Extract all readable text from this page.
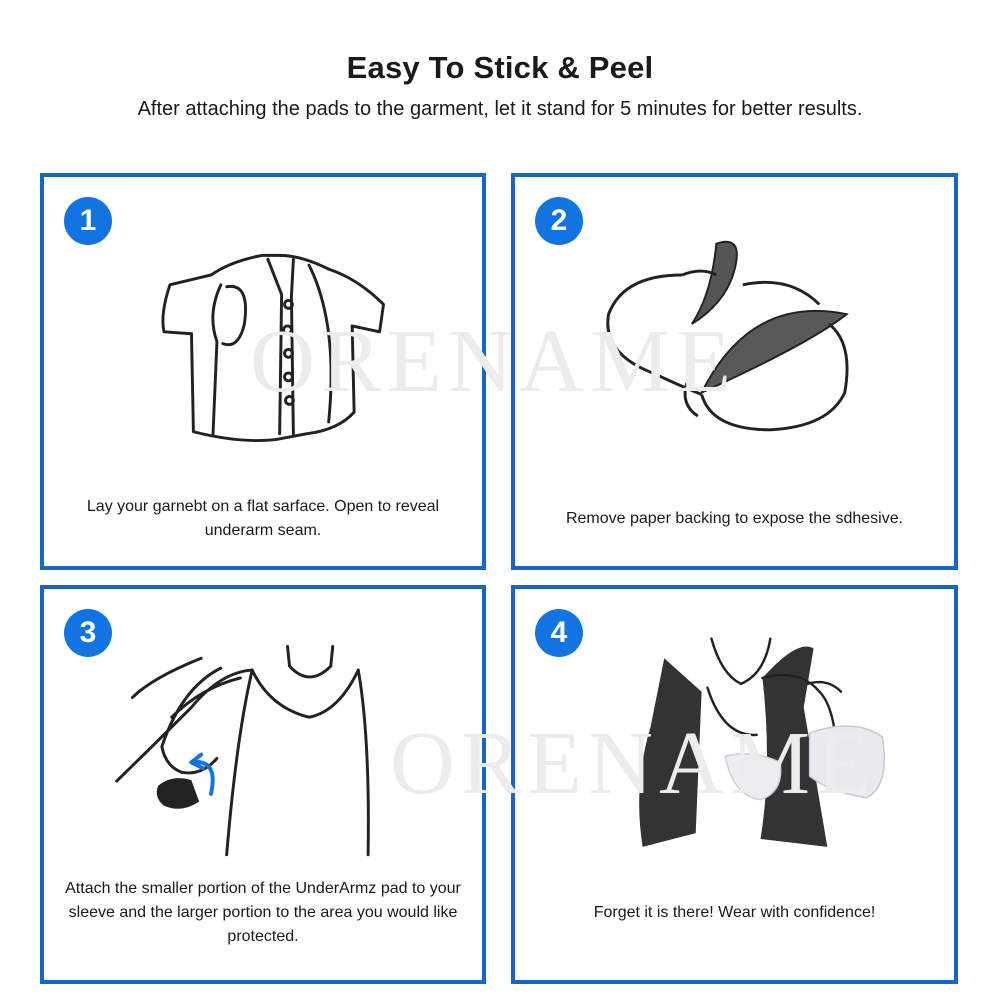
Easy To Stick & Peel
After attaching the pads to the garment, let it stand for 5 minutes for better results.
1
Lay your garnebt on a flat sarface. Open to reveal underarm seam.
2
Remove paper backing to expose the sdhesive.
3
Attach the smaller portion of the UnderArmz pad to your sleeve and the larger portion to the area you would like protected.
4
Forget it is there! Wear with confidence!
ORENAME
ORENAME
